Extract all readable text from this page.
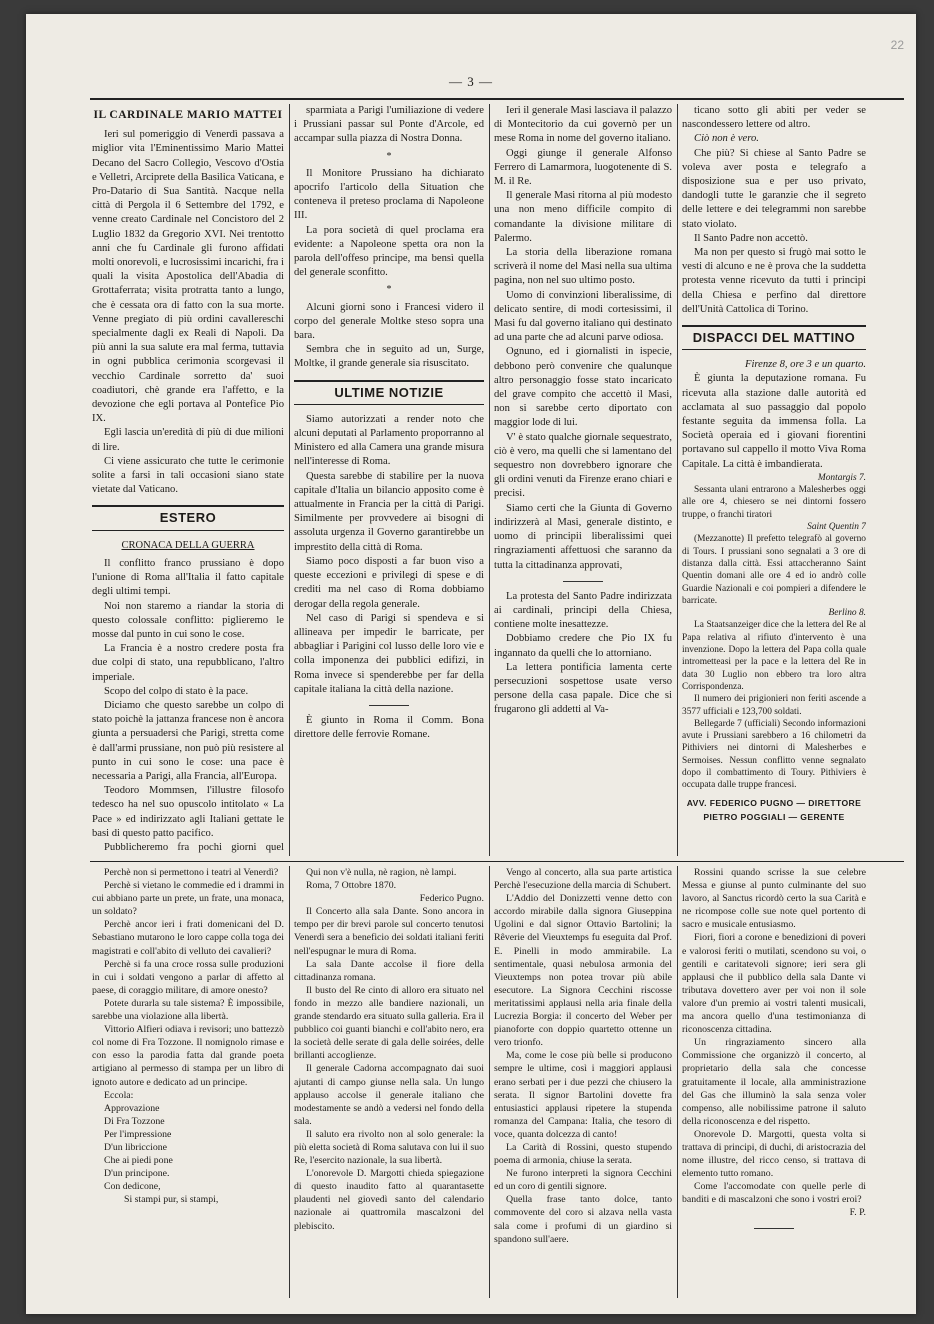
22
— 3 —
IL CARDINALE MARIO MATTEI

Ieri sul pomeriggio di Venerdì passava a miglior vita l'Eminentissimo Mario Mattei Decano del Sacro Collegio, Vescovo d'Ostia e Velletri, Arciprete della Basilica Vaticana, e Pro-Datario di Sua Santità. Nacque nella città di Pergola il 6 Settembre del 1792, e venne creato Cardinale nel Concistoro del 2 Luglio 1832 da Gregorio XVI. Nei trentotto anni che fu Cardinale gli furono affidati molti onorevoli, e lucrosissimi incarichi, fra i quali la visita Apostolica dell'Abadia di Grottaferrata; visita protratta tanto a lungo, che è cessata ora di fatto con la sua morte. Venne pregiato di più ordini cavallereschi specialmente dagli ex Reali di Napoli. Da più anni la sua salute era mal ferma, tuttavia in ogni pubblica cerimonia scorgevasi il vecchio Cardinale sorretto da' suoi coadiutori, chè grande era l'affetto, e la devozione che egli portava al Pontefice Pio IX.

Egli lascia un'eredità di più di due milioni di lire.

Ci viene assicurato che tutte le cerimonie solite a farsi in tali occasioni siano state vietate dal Vaticano.

ESTERO
CRONACA DELLA GUERRA

Il conflitto franco prussiano è dopo l'unione di Roma all'Italia il fatto capitale degli ultimi tempi.

Noi non staremo a riandar la storia di questo colossale conflitto: piglieremo le mosse dal punto in cui sono le cose.

La Francia è a nostro credere posta fra due colpi di stato, una repubblicano, l'altro imperiale.

Scopo del colpo di stato è la pace.

Diciamo che questo sarebbe un colpo di stato poichè la jattanza francese non è ancora giunta a persuadersi che Parigi, stretta come è dall'armi prussiane, non può più resistere al punto in cui sono le cose: una pace è necessaria a Parigi, alla Francia, all'Europa.

Teodoro Mommsen, l'illustre filosofo tedesco ha nel suo opuscolo intitolato « La Pace » ed indirizzato agli Italiani gettate le basi di questo patto pacifico.

Pubblicheremo fra pochi giorni quel

sparmiata a Parigi l'umiliazione di vedere i Prussiani passar sul Ponte d'Arcole, ed accampar sulla piazza di Nostra Donna.

*

Il Monitore Prussiano ha dichiarato apocrifo l'articolo della Situation che conteneva il preteso proclama di Napoleone III.

La pora società di quel proclama era evidente: a Napoleone spetta ora non la parola dell'offeso principe, ma bensì quella del generale sconfitto.

*

Alcuni giorni sono i Francesi videro il corpo del generale Moltke steso sopra una bara.

Sembra che in seguito ad un, Surge, Moltke, il grande generale sia risuscitato.

ULTIME NOTIZIE

Siamo autorizzati a render noto che alcuni deputati al Parlamento proporranno al Ministero ed alla Camera una grande misura nell'interesse di Roma.

Questa sarebbe di stabilire per la nuova capitale d'Italia un bilancio apposito come è attualmente in Francia per la città di Parigi. Similmente per provvedere ai bisogni di assoluta urgenza il Governo garantirebbe un imprestito della città di Roma.

Siamo poco disposti a far buon viso a queste eccezioni e privilegi di spese e di crediti ma nel caso di Roma dobbiamo derogar della regola generale.

Nel caso di Parigi si spendeva e si allineava per impedir le barricate, per abbagliar i Parigini col lusso delle loro vie e colla imponenza dei pubblici edifizi, in Roma invece si spenderebbe per far della capitale italiana la città della nazione.

È giunto in Roma il Comm. Bona direttore delle ferrovie Romane.

Ieri il generale Masi lasciava il palazzo di Montecitorio da cui governò per un mese Roma in nome del governo italiano.

Oggi giunge il generale Alfonso Ferrero di Lamarmora, luogotenente di S. M. il Re.

Il generale Masi ritorna al più modesto una non meno difficile compito di comandante la divisione militare di Palermo.

La storia della liberazione romana scriverà il nome del Masi nella sua ultima pagina, non nel suo ultimo posto.

Uomo di convinzioni liberalissime, di delicato sentire, di modi cortesissimi, il Masi fu dal governo italiano qui destinato ad una parte che ad alcuni parve odiosa.

Ognuno, ed i giornalisti in ispecie, debbono però convenire che qualunque altro personaggio fosse stato incaricato del grave compito che accettò il Masi, non si sarebbe certo diportato con maggior lode di lui.

V' è stato qualche giornale sequestrato, ciò è vero, ma quelli che si lamentano del sequestro non dovrebbero ignorare che gli ordini venuti da Firenze erano chiari e precisi.

Siamo certi che la Giunta di Governo indirizzerà al Masi, generale distinto, e uomo di principii liberalissimi quei ringraziamenti affettuosi che saranno da tutta la cittadinanza approvati,

La protesta del Santo Padre indirizzata ai cardinali, principi della Chiesa, contiene molte inesattezze.

Dobbiamo credere che Pio IX fu ingannato da quelli che lo attorniano.

La lettera pontificia lamenta certe persecuzioni sospettose usate verso persone della casa papale. Dice che si frugarono gli addetti al Va-

ticano sotto gli abiti per veder se nascondessero lettere od altro.

Ciò non è vero.

Che più? Si chiese al Santo Padre se voleva aver posta e telegrafo a disposizione sua e per uso privato, dandogli tutte le garanzie che il segreto delle lettere e dei telegrammi non sarebbe stato violato.

Il Santo Padre non accettò.

Ma non per questo si frugò mai sotto le vesti di alcuno e ne è prova che la suddetta protesta venne ricevuto da tutti i principi della Chiesa e perfino dal direttore dell'Unità Cattolica di Torino.

DISPACCI DEL MATTINO
Firenze 8, ore 3 e un quarto.

È giunta la deputazione romana. Fu ricevuta alla stazione dalle autorità ed acclamata al suo passaggio dal popolo festante seguita da immensa folla. La Società operaia ed i giovani fiorentini portavano sul cappello il motto Viva Roma Capitale. La città è imbandierata.

Montargis 7.

Sessanta ulani entrarono a Malesherbes oggi alle ore 4, chiesero se nei dintorni fossero truppe, o franchi tiratori

Saint Quentin 7

(Mezzanotte) Il prefetto telegrafò al governo di Tours. I prussiani sono segnalati a 3 ore di distanza dalla città. Essi attaccheranno Saint Quentin domani alle ore 4 ed io andrò colle Guardie Nazionali e coi pompieri a difendere le barricate.

Berlino 8.

La Staatsanzeiger dice che la lettera del Re al Papa relativa al rifiuto d'intervento è una invenzione. Dopo la lettera del Papa colla quale intrometteasi per la pace e la lettera del Re in data 30 Luglio non ebbero tra loro altra Corrispondenza.

Il numero dei prigionieri non feriti ascende a 3577 ufficiali e 123,700 soldati.

Bellegarde 7 (ufficiali) Secondo informazioni avute i Prussiani sarebbero a 16 chilometri da Pithiviers nei dintorni di Malesherbes e Sermoises. Nessun conflitto venne segnalato dopo il combattimento di Toury. Pithiviers è occupata dalle truppe francesi.

AVV. FEDERICO PUGNO — DIRETTORE
PIETRO POGGIALI — GERENTE

Perchè non si permettono i teatri al Venerdì?

Perchè si vietano le commedie ed i drammi in cui abbiano parte un prete, un frate, una monaca, un soldato?

Perchè ancor ieri i frati domenicani del D. Sebastiano mutarono le loro cappe colla toga dei magistrati e coll'abito di velluto dei cavalieri?

Perchè si fa una croce rossa sulle produzioni in cui i soldati vengono a parlar di affetto al paese, di coraggio militare, di amore onesto?

Potete durarla su tale sistema? È impossibile, sarebbe una violazione alla libertà.

Vittorio Alfieri odiava i revisori; uno battezzò col nome di Fra Tozzone. Il nomignolo rimase e con esso la parodia fatta dal grande poeta artigiano al permesso di stampa per un libro di ignoto autore e dedicato ad un principe.

Eccola:

Approvazione

Di Fra Tozzone

Per l'impressione

D'un libriccione

Che ai piedi pone

D'un principone.

Con dedicone,

Si stampi pur, si stampi,

Qui non v'è nulla, nè ragion, nè lampi.

Roma, 7 Ottobre 1870.

Federico Pugno.

Il Concerto alla sala Dante. Sono ancora in tempo per dir brevi parole sul concerto tenutosi Venerdì sera a beneficio dei soldati italiani feriti nell'espugnar le mura di Roma.

La sala Dante accolse il fiore della cittadinanza romana.

Il busto del Re cinto di alloro era situato nel fondo in mezzo alle bandiere nazionali, un grande stendardo era situato sulla galleria. Era il pubblico coi guanti bianchi e coll'abito nero, era la società delle serate di gala delle soirées, delle brillanti accoglienze.

Il generale Cadorna accompagnato dai suoi ajutanti di campo giunse nella sala. Un lungo applauso accolse il generale italiano che modestamente se andò a vedersi nel fondo della sala.

Il saluto era rivolto non al solo generale: la più eletta società di Roma salutava con lui il suo Re, l'esercito nazionale, la sua libertà.

L'onorevole D. Margotti chieda spiegazione di questo inaudito fatto al quarantasette plaudenti nel giovedì santo del calendario nazionale ai quattromila mascalzoni del plebiscito.

Vengo al concerto, alla sua parte artistica Perchè l'esecuzione della marcia di Schubert.

L'Addio del Donizzetti venne detto con accordo mirabile dalla signora Giuseppina Ugolini e dal signor Ottavio Bartolini; la Rêverie del Vieuxtemps fu eseguita dal Prof. E. Pinelli in modo ammirabile. La sentimentale, quasi nebulosa armonia del Vieuxtemps non potea trovar più abile esecutore. La Signora Cecchini riscosse meritatissimi applausi nella aria finale della Lucrezia Borgia: il concerto del Weber per pianoforte con doppio quartetto ottenne un vero trionfo.

Ma, come le cose più belle si producono sempre le ultime, così i maggiori applausi erano serbati per i due pezzi che chiusero la serata. Il signor Bartolini dovette fra entusiastici applausi ripetere la stupenda romanza del Campana: Italia, che tesoro di voce, quanta dolcezza di canto!

La Carità di Rossini, questo stupendo poema di armonia, chiuse la serata.

Ne furono interpreti la signora Cecchini ed un coro di gentili signore.

Quella frase tanto dolce, tanto commovente del coro si alzava nella vasta sala come i profumi di un giardino si spandono sull'aere.

Rossini quando scrisse la sue celebre Messa e giunse al punto culminante del suo lavoro, al Sanctus ricordò certo la sua Carità e ne ricompose colle sue note quel portento di sacro e musicale entusiasmo.

Fiori, fiori a corone e benedizioni di poveri e valorosi feriti o mutilati, scendono su voi, o gentili e caritatevoli signore; ieri sera gli applausi che il pubblico della sala Dante vi tributava dovettero aver per voi non il sole valore d'un premio ai vostri talenti musicali, ma ancora quello d'una testimonianza di riconoscenza cittadina.

Un ringraziamento sincero alla Commissione che organizzò il concerto, al proprietario della sala che concesse gratuitamente il locale, alla amministrazione del Gas che illuminò la sala senza voler compenso, alle nobilissime patrone il saluto della riconoscenza e del rispetto.

Onorevole D. Margotti, questa volta si trattava di principi, di duchi, di aristocrazia del nome illustre, del ricco censo, si trattava di elemento tutto romano.

Come l'accomodate con quelle perle di banditi e di mascalzoni che sono i vostri eroi?

F. P.
